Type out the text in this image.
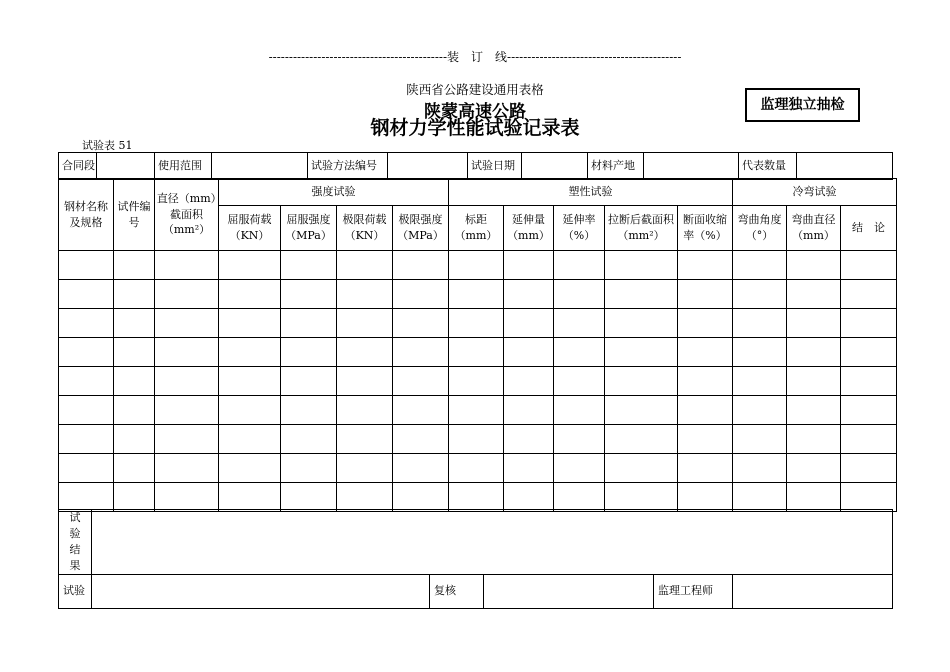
--------------------------------------------装　订　线-------------------------------------------
陕西省公路建设通用表格
陕蒙高速公路
钢材力学性能试验记录表
监理独立抽检
试验表 51
合同段		使用范围		试验方法编号		试验日期		材料产地		代表数量	
钢材名称及规格	试件编号	直径（mm）截面积（mm²）	强度试验				塑性试验					冷弯试验		
			屈服荷载（KN）	屈服强度（MPa）	极限荷载（KN）	极限强度（MPa）	标距（mm）	延伸量（mm）	延伸率（%）	拉断后截面积（mm²）	断面收缩率（%）	弯曲角度（°）	弯曲直径（mm）	结　论

试验结果					
试验		复核		监理工程师	
